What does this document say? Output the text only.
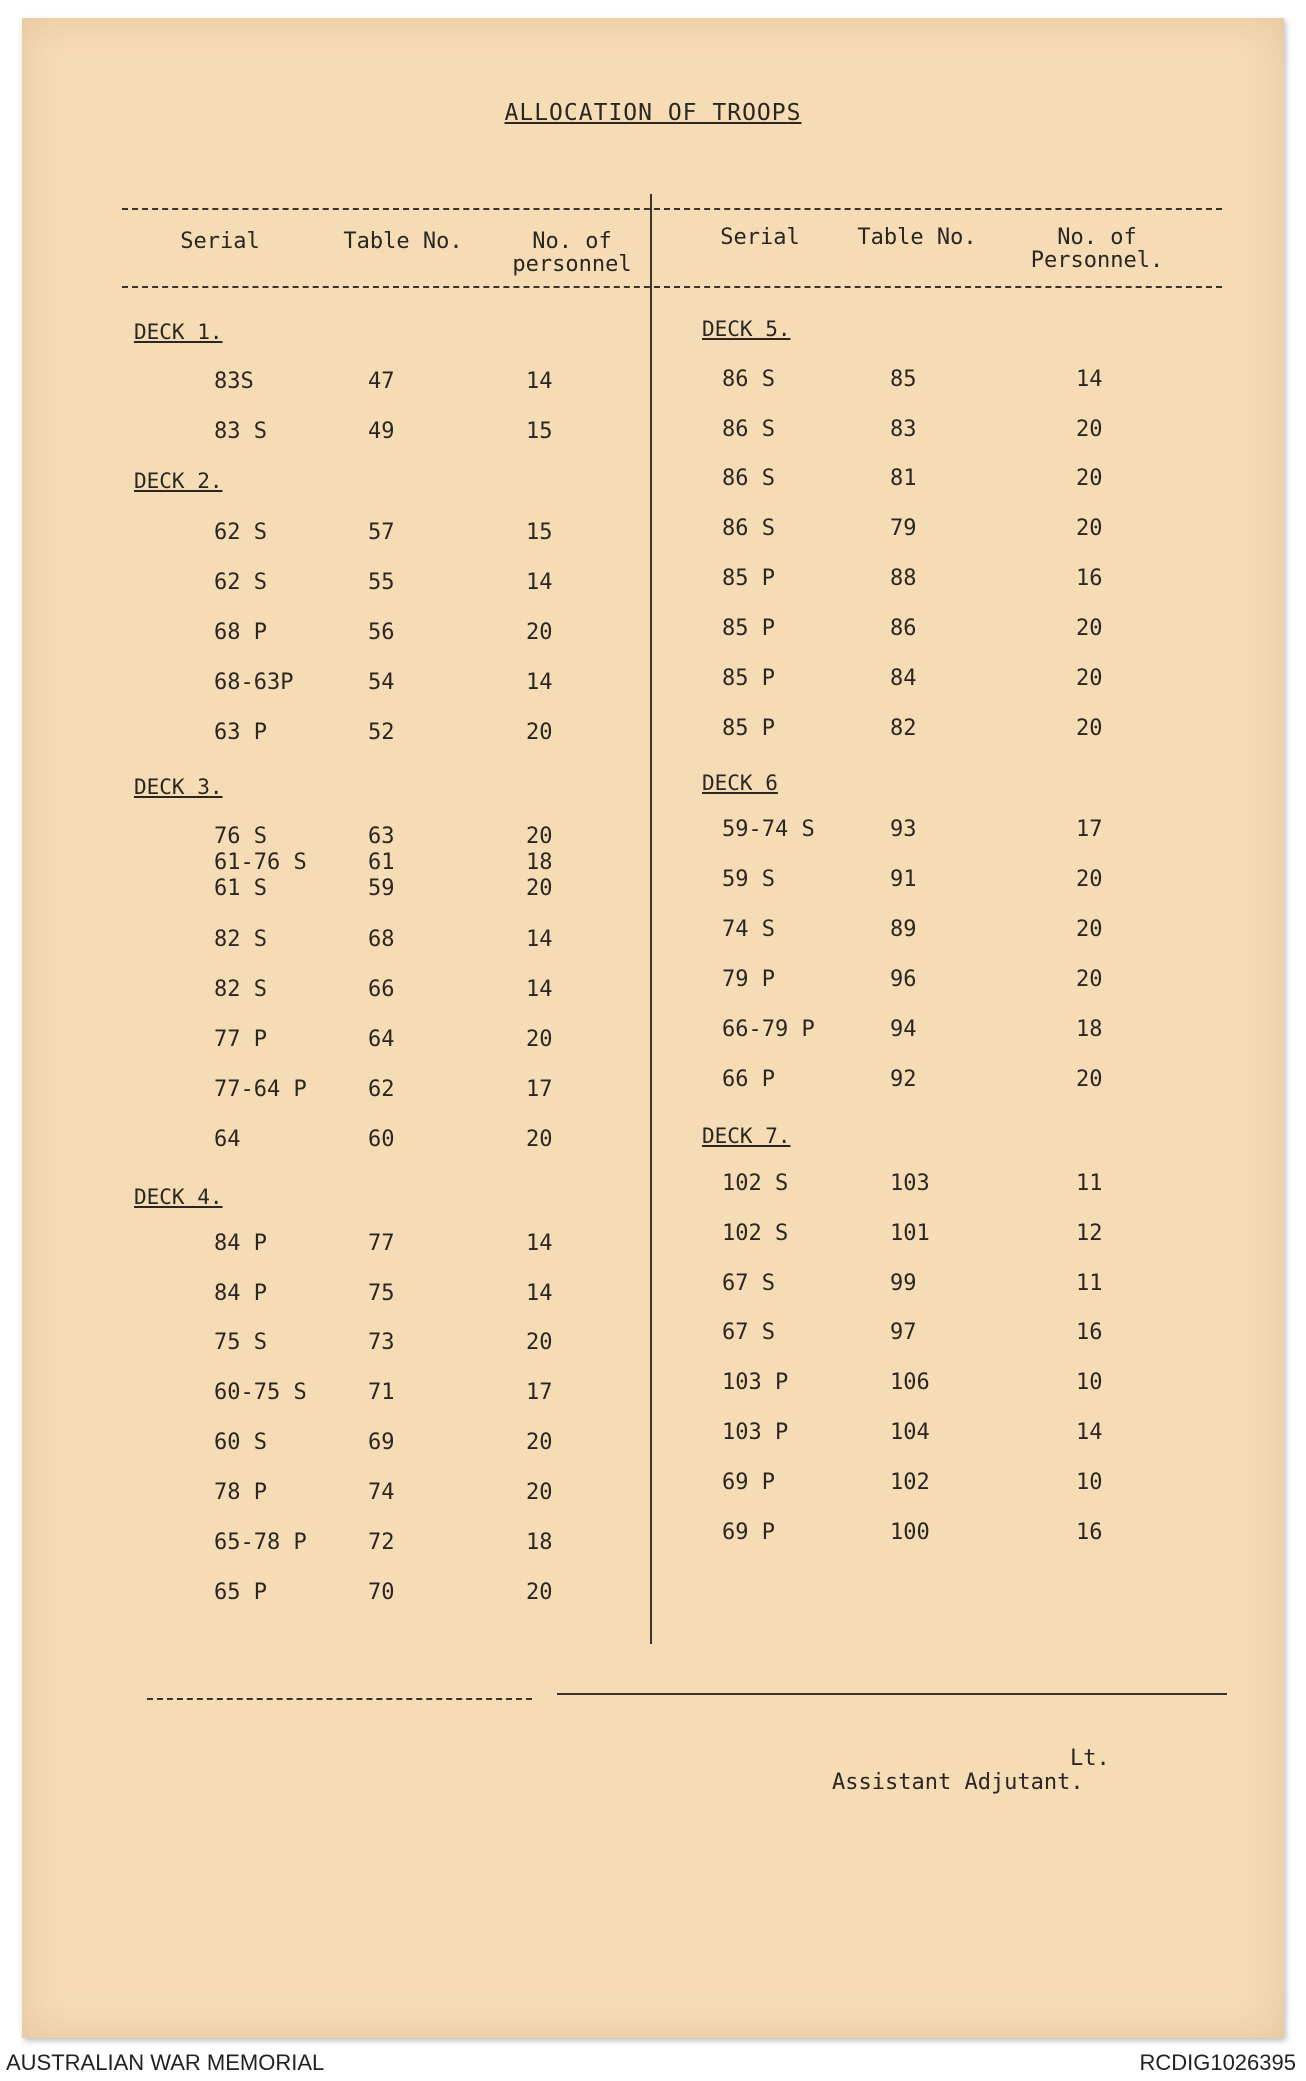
ALLOCATION OF TROOPS
Serial	Table No.	No. of
personnel
Serial	Table No.	No. of
Personnel.
DECK 1.
83S	47	14
83 S	49	15
DECK 2.
62 S	57	15
62 S	55	14
68 P	56	20
68-63P	54	14
63 P	52	20
DECK 3.
76 S	63	20
61-76 S	61	18
61 S	59	20
82 S	68	14
82 S	66	14
77 P	64	20
77-64 P	62	17
64	60	20
DECK 4.
84 P	77	14
84 P	75	14
75 S	73	20
60-75 S	71	17
60 S	69	20
78 P	74	20
65-78 P	72	18
65 P	70	20
DECK 5.
86 S	85	14
86 S	83	20
86 S	81	20
86 S	79	20
85 P	88	16
85 P	86	20
85 P	84	20
85 P	82	20
DECK 6
59-74 S	93	17
59 S	91	20
74 S	89	20
79 P	96	20
66-79 P	94	18
66 P	92	20
DECK 7.
102 S	103	11
102 S	101	12
67 S	99	11
67 S	97	16
103 P	106	10
103 P	104	14
69 P	102	10
69 P	100	16
Lt.
Assistant Adjutant.
AUSTRALIAN WAR MEMORIAL	RCDIG1026395
